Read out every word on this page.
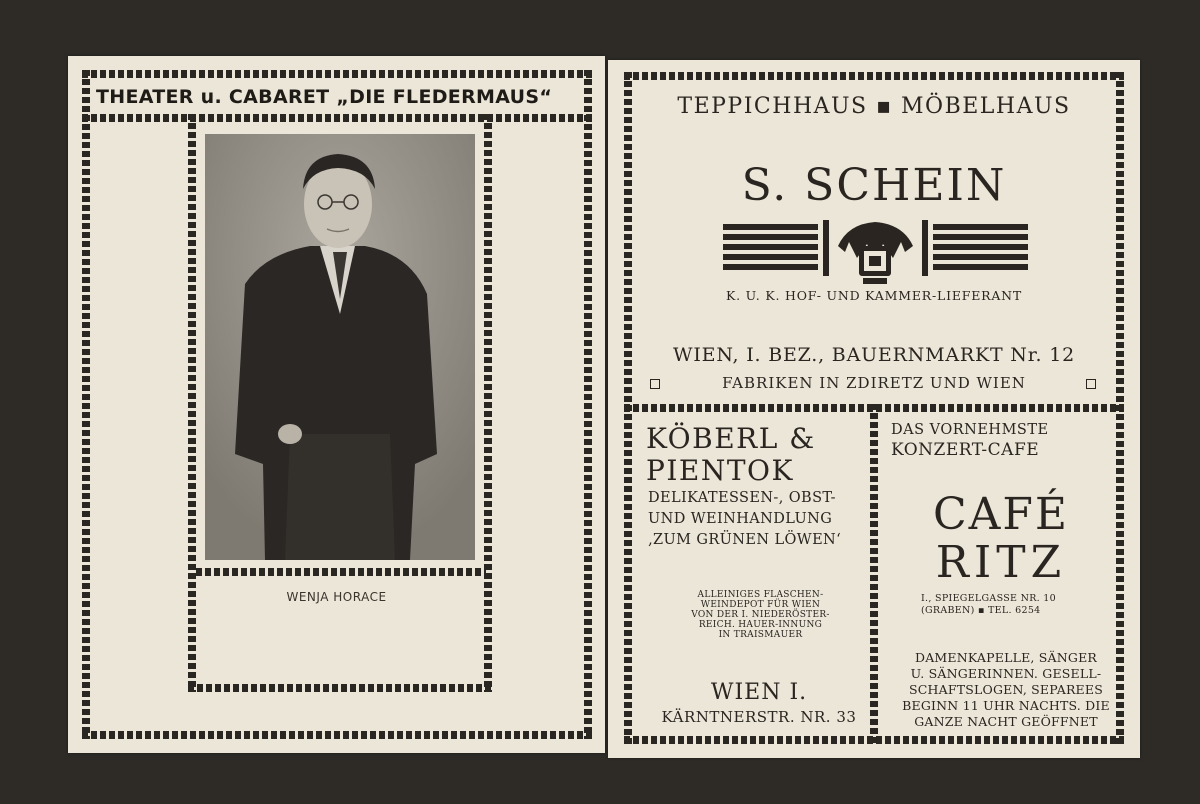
THEATER u. CABARET „DIE FLEDERMAUS“
WENJA HORACE
TEPPICHHAUS ▪ MÖBELHAUS
S. SCHEIN
K. U. K. HOF- UND KAMMER-LIEFERANT
WIEN, I. BEZ., BAUERNMARKT Nr. 12
FABRIKEN IN ZDIRETZ UND WIEN
KÖBERL &
PIENTOK
DELIKATESSEN-, OBST-
UND WEINHANDLUNG
‚ZUM GRÜNEN LÖWEN‘
ALLEINIGES FLASCHEN-
WEINDEPOT FÜR WIEN
VON DER I. NIEDERÖSTER-
REICH. HAUER-INNUNG
IN TRAISMAUER
WIEN I.
KÄRNTNERSTR. NR. 33
DAS VORNEHMSTE
KONZERT-CAFE
CAFÉ
RITZ
I., SPIEGELGASSE NR. 10
(GRABEN) ▪ TEL. 6254
DAMENKAPELLE, SÄNGER
U. SÄNGERINNEN. GESELL-
SCHAFTSLOGEN, SEPAREES
BEGINN 11 UHR NACHTS. DIE
GANZE NACHT GEÖFFNET
